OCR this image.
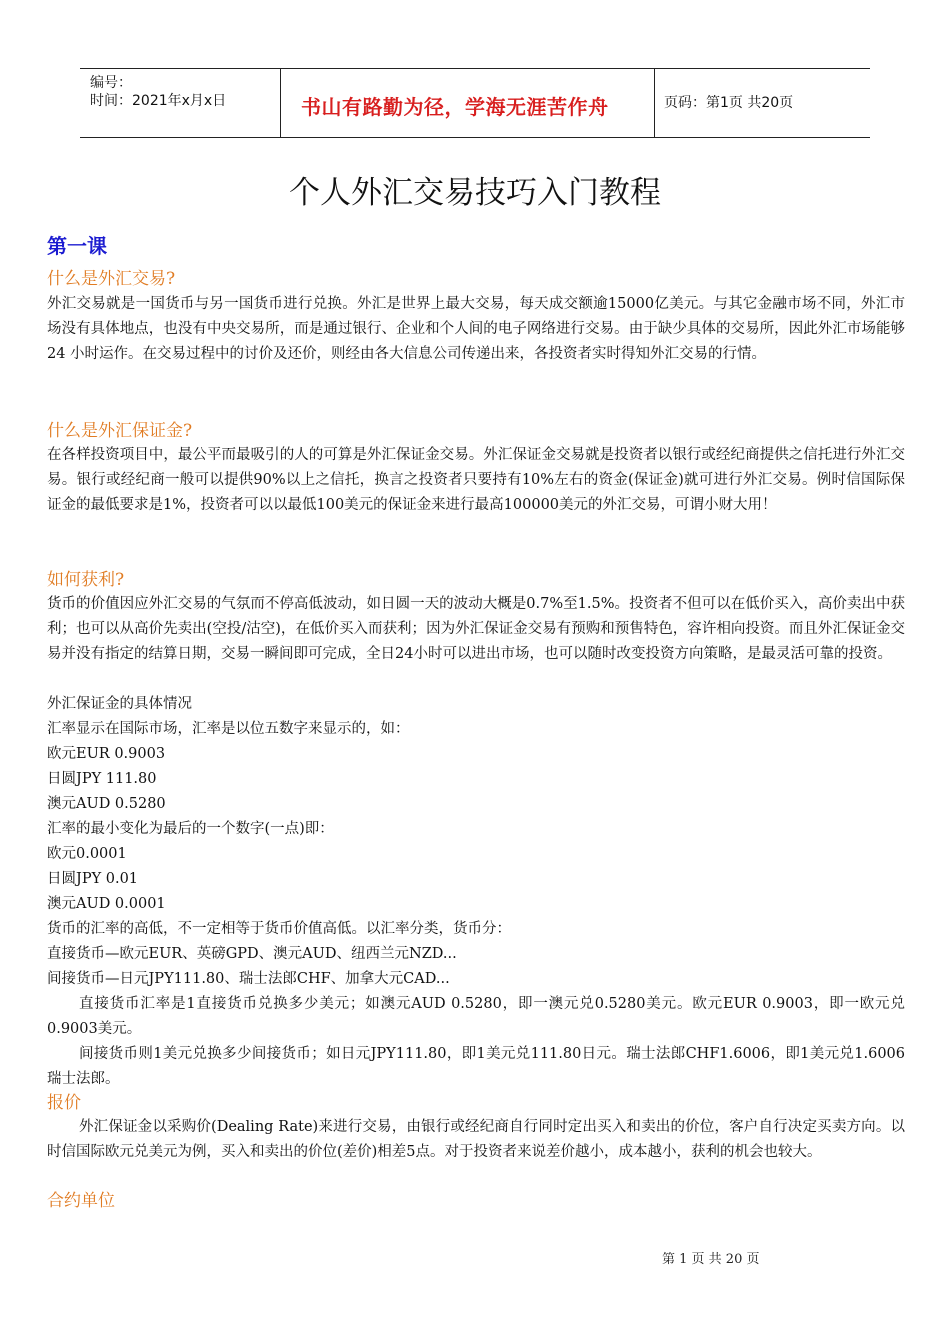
编号：
时间：2021年x月x日	书山有路勤为径，学海无涯苦作舟	页码：第1页 共20页
个人外汇交易技巧入门教程
第一课
什么是外汇交易?
外汇交易就是一国货币与另一国货币进行兑换。外汇是世界上最大交易，每天成交额逾15000亿美元。与其它金融市场不同，外汇市场没有具体地点，也没有中央交易所，而是通过银行、企业和个人间的电子网络进行交易。由于缺少具体的交易所，因此外汇市场能够 24 小时运作。在交易过程中的讨价及还价，则经由各大信息公司传递出来，各投资者实时得知外汇交易的行情。
什么是外汇保证金?
在各样投资项目中，最公平而最吸引的人的可算是外汇保证金交易。外汇保证金交易就是投资者以银行或经纪商提供之信托进行外汇交易。银行或经纪商一般可以提供90%以上之信托，换言之投资者只要持有10%左右的资金(保证金)就可进行外汇交易。例时信国际保证金的最低要求是1%，投资者可以以最低100美元的保证金来进行最高100000美元的外汇交易，可谓小财大用！
如何获利?
货币的价值因应外汇交易的气氛而不停高低波动，如日圆一天的波动大概是0.7%至1.5%。投资者不但可以在低价买入，高价卖出中获利；也可以从高价先卖出(空投/沽空)，在低价买入而获利；因为外汇保证金交易有预购和预售特色，容许相向投资。而且外汇保证金交易并没有指定的结算日期，交易一瞬间即可完成，全日24小时可以进出市场，也可以随时改变投资方向策略，是最灵活可靠的投资。
外汇保证金的具体情况
汇率显示在国际市场，汇率是以位五数字来显示的，如：
欧元EUR 0.9003
日圆JPY 111.80
澳元AUD 0.5280
汇率的最小变化为最后的一个数字(一点)即：
欧元0.0001
日圆JPY 0.01
澳元AUD 0.0001
货币的汇率的高低，不一定相等于货币价值高低。以汇率分类，货币分：
直接货币—欧元EUR、英磅GPD、澳元AUD、纽西兰元NZD...
间接货币—日元JPY111.80、瑞士法郎CHF、加拿大元CAD...
直接货币汇率是1直接货币兑换多少美元；如澳元AUD 0.5280，即一澳元兑0.5280美元。欧元EUR 0.9003，即一欧元兑 0.9003美元。
间接货币则1美元兑换多少间接货币；如日元JPY111.80，即1美元兑111.80日元。瑞士法郎CHF1.6006，即1美元兑1.6006瑞士法郎。
报价
外汇保证金以采购价(Dealing Rate)来进行交易，由银行或经纪商自行同时定出买入和卖出的价位，客户自行决定买卖方向。以时信国际欧元兑美元为例，买入和卖出的价位(差价)相差5点。对于投资者来说差价越小，成本越小，获利的机会也较大。
合约单位
第 1 页 共 20 页
